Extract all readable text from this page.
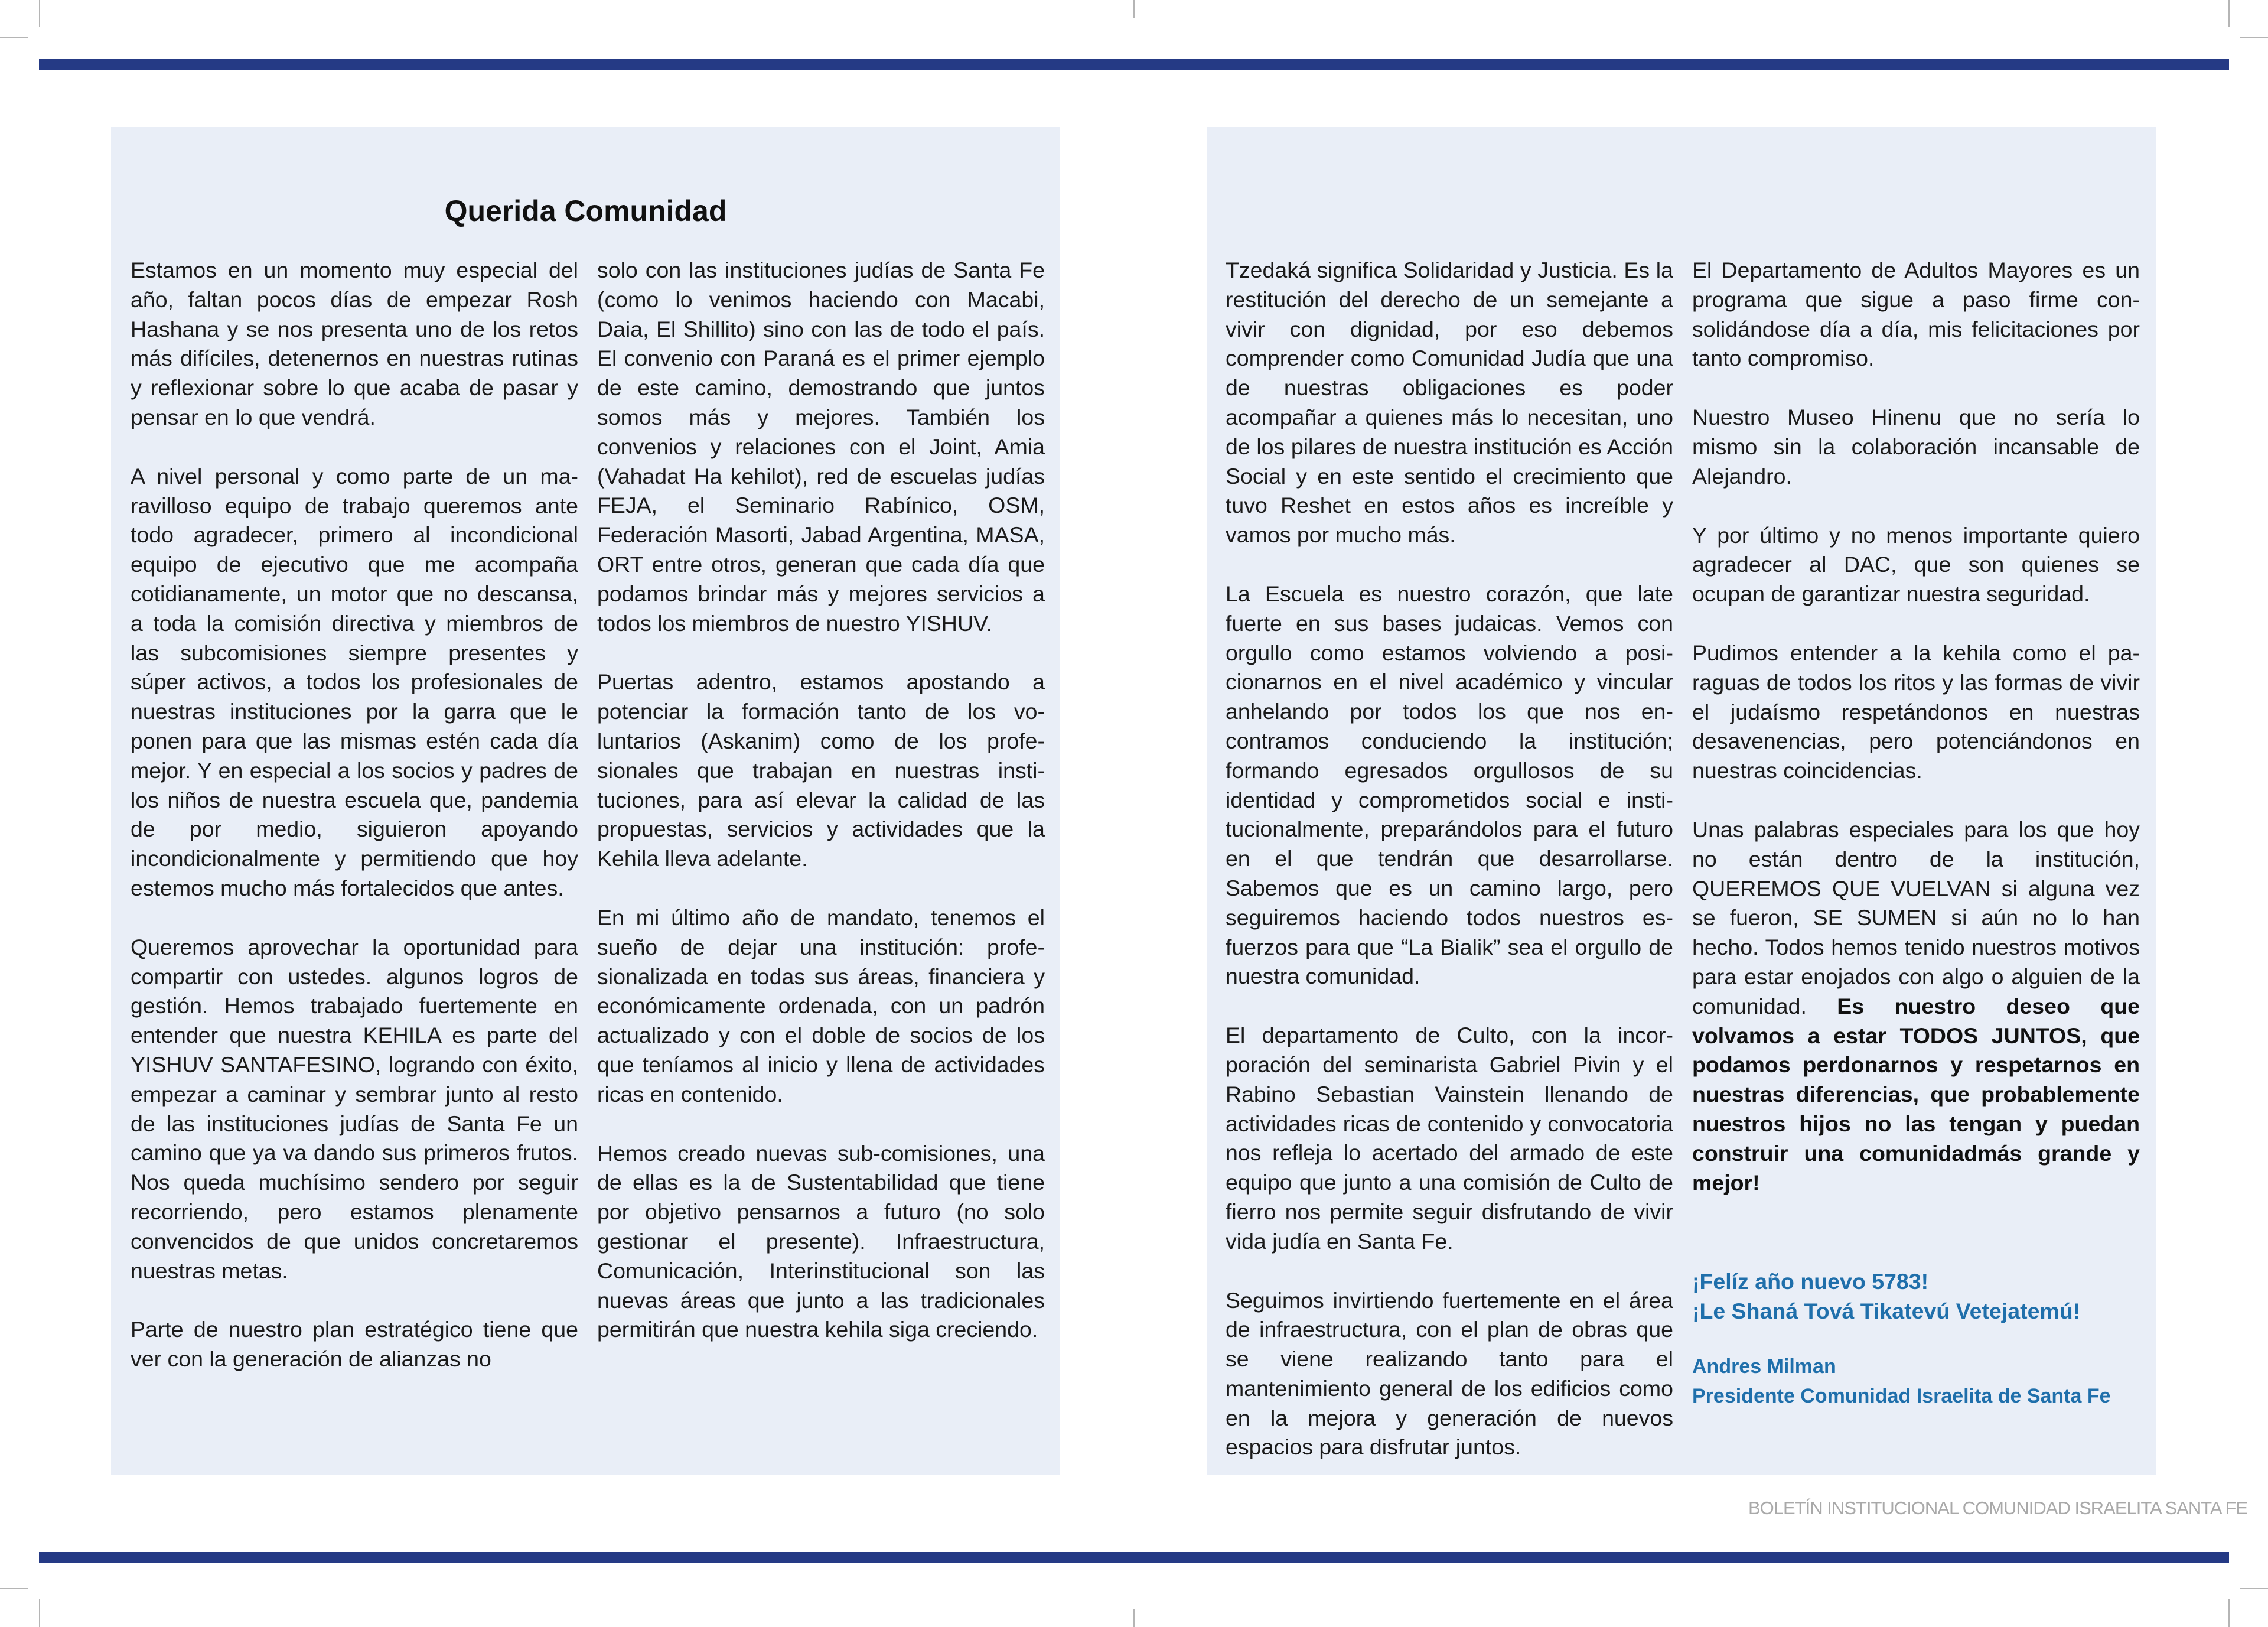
Querida Comunidad

Estamos en un momento muy especial del año, faltan pocos días de empezar Rosh Hashana y se nos presenta uno de los retos más difíciles, detenernos en nuestras rutinas y reflexionar sobre lo que acaba de pasar y pensar en lo que vendrá.

A nivel personal y como parte de un maravilloso equipo de trabajo queremos ante todo agradecer, primero al incondicional equipo de ejecutivo que me acompaña cotidianamente, un motor que no descansa, a toda la comisión directiva y miembros de las subcomisiones siempre presentes y súper activos, a todos los profesionales de nuestras instituciones por la garra que le ponen para que las mismas estén cada día mejor. Y en especial a los socios y padres de los niños de nuestra escuela que, pandemia de por medio, siguieron apoyando incondicionalmente y permitiendo que hoy estemos mucho más fortalecidos que antes.

Queremos aprovechar la oportunidad para compartir con ustedes. algunos logros de gestión. Hemos trabajado fuertemente en entender que nuestra KEHILA es parte del YISHUV SANTAFESINO, logrando con éxito, empezar a caminar y sembrar junto al resto de las instituciones judías de Santa Fe un camino que ya va dando sus primeros frutos. Nos queda muchísimo sendero por seguir recorriendo, pero estamos plenamente convencidos de que unidos concretaremos nuestras metas.

Parte de nuestro plan estratégico tiene que ver con la generación de alianzas no

solo con las instituciones judías de Santa Fe (como lo venimos haciendo con Macabi, Daia, El Shillito) sino con las de todo el país. El convenio con Paraná es el primer ejemplo de este camino, demostrando que juntos somos más y mejores. También los convenios y relaciones con el Joint, Amia (Vahadat Ha kehilot), red de escuelas judías FEJA, el Seminario Rabínico, OSM, Federación Masorti, Jabad Argentina, MASA, ORT entre otros, generan que cada día que podamos brindar más y mejores servicios a todos los miembros de nuestro YISHUV.

Puertas adentro, estamos apostando a potenciar la formación tanto de los voluntarios (Askanim) como de los profesionales que trabajan en nuestras instituciones, para así elevar la calidad de las propuestas, servicios y actividades que la Kehila lleva adelante.

En mi último año de mandato, tenemos el sueño de dejar una institución: profesionalizada en todas sus áreas, financiera y económicamente ordenada, con un padrón actualizado y con el doble de socios de los que teníamos al inicio y llena de actividades ricas en contenido.

Hemos creado nuevas sub-comisiones, una de ellas es la de Sustentabilidad que tiene por objetivo pensarnos a futuro (no solo gestionar el presente). Infraestructura, Comunicación, Interinstitucional son las nuevas áreas que junto a las tradicionales permitirán que nuestra kehila siga creciendo.

Tzedaká significa Solidaridad y Justicia. Es la restitución del derecho de un semejante a vivir con dignidad, por eso debemos comprender como Comunidad Judía que una de nuestras obligaciones es poder acompañar a quienes más lo necesitan, uno de los pilares de nuestra institución es Acción Social y en este sentido el crecimiento que tuvo Reshet en estos años es increíble y vamos por mucho más.

La Escuela es nuestro corazón, que late fuerte en sus bases judaicas. Vemos con orgullo como estamos volviendo a posicionarnos en el nivel académico y vincular anhelando por todos los que nos encontramos conduciendo la institución; formando egresados orgullosos de su identidad y comprometidos social e institucionalmente, preparándolos para el futuro en el que tendrán que desarrollarse. Sabemos que es un camino largo, pero seguiremos haciendo todos nuestros esfuerzos para que “La Bialik” sea el orgullo de nuestra comunidad.

El departamento de Culto, con la incorporación del seminarista Gabriel Pivin y el Rabino Sebastian Vainstein llenando de actividades ricas de contenido y convocatoria nos refleja lo acertado del armado de este equipo que junto a una comisión de Culto de fierro nos permite seguir disfrutando de vivir vida judía en Santa Fe.

Seguimos invirtiendo fuertemente en el área de infraestructura, con el plan de obras que se viene realizando tanto para el mantenimiento general de los edificios como en la mejora y generación de nuevos espacios para disfrutar juntos.

El Departamento de Adultos Mayores es un programa que sigue a paso firme consolidándose día a día, mis felicitaciones por tanto compromiso.

Nuestro Museo Hinenu que no sería lo mismo sin la colaboración incansable de Alejandro.

Y por último y no menos importante quiero agradecer al DAC, que son quienes se ocupan de garantizar nuestra seguridad.

Pudimos entender a la kehila como el paraguas de todos los ritos y las formas de vivir el judaísmo respetándonos en nuestras desavenencias, pero potenciándonos en nuestras coincidencias.

Unas palabras especiales para los que hoy no están dentro de la institución, QUEREMOS QUE VUELVAN si alguna vez se fueron, SE SUMEN si aún no lo han hecho. Todos hemos tenido nuestros motivos para estar enojados con algo o alguien de la comunidad. Es nuestro deseo que volvamos a estar TODOS JUNTOS, que podamos perdonarnos y respetarnos en nuestras diferencias, que probablemente nuestros hijos no las tengan y puedan construir una comunidadmás grande y mejor!

¡Felíz año nuevo 5783!
¡Le Shaná Tová Tikatevú Vetejatemú!
Andres Milman
Presidente Comunidad Israelita de Santa Fe
BOLETÍN INSTITUCIONAL COMUNIDAD ISRAELITA SANTA FE
